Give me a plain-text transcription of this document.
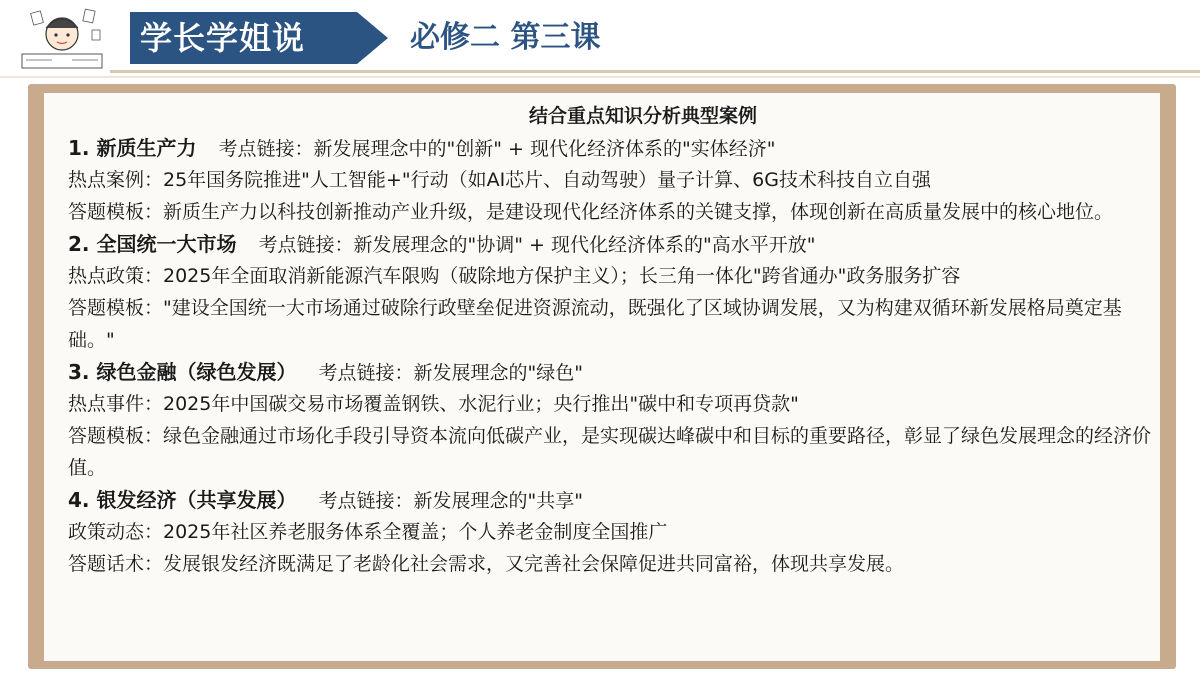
学长学姐说	必修二 第三课
结合重点知识分析典型案例
1. 新质生产力 考点链接：新发展理念中的"创新" + 现代化经济体系的"实体经济"
热点案例：25年国务院推进"人工智能+"行动（如AI芯片、自动驾驶）量子计算、6G技术科技自立自强
答题模板：新质生产力以科技创新推动产业升级，是建设现代化经济体系的关键支撑，体现创新在高质量发展中的核心地位。
2. 全国统一大市场 考点链接：新发展理念的"协调" + 现代化经济体系的"高水平开放"
热点政策：2025年全面取消新能源汽车限购（破除地方保护主义）；长三角一体化"跨省通办"政务服务扩容
答题模板："建设全国统一大市场通过破除行政壁垒促进资源流动，既强化了区域协调发展，又为构建双循环新发展格局奠定基础。"
3. 绿色金融（绿色发展） 考点链接：新发展理念的"绿色"
热点事件：2025年中国碳交易市场覆盖钢铁、水泥行业；央行推出"碳中和专项再贷款"
答题模板：绿色金融通过市场化手段引导资本流向低碳产业，是实现碳达峰碳中和目标的重要路径，彰显了绿色发展理念的经济价值。
4. 银发经济（共享发展） 考点链接：新发展理念的"共享"
政策动态：2025年社区养老服务体系全覆盖；个人养老金制度全国推广
答题话术：发展银发经济既满足了老龄化社会需求，又完善社会保障促进共同富裕，体现共享发展。
